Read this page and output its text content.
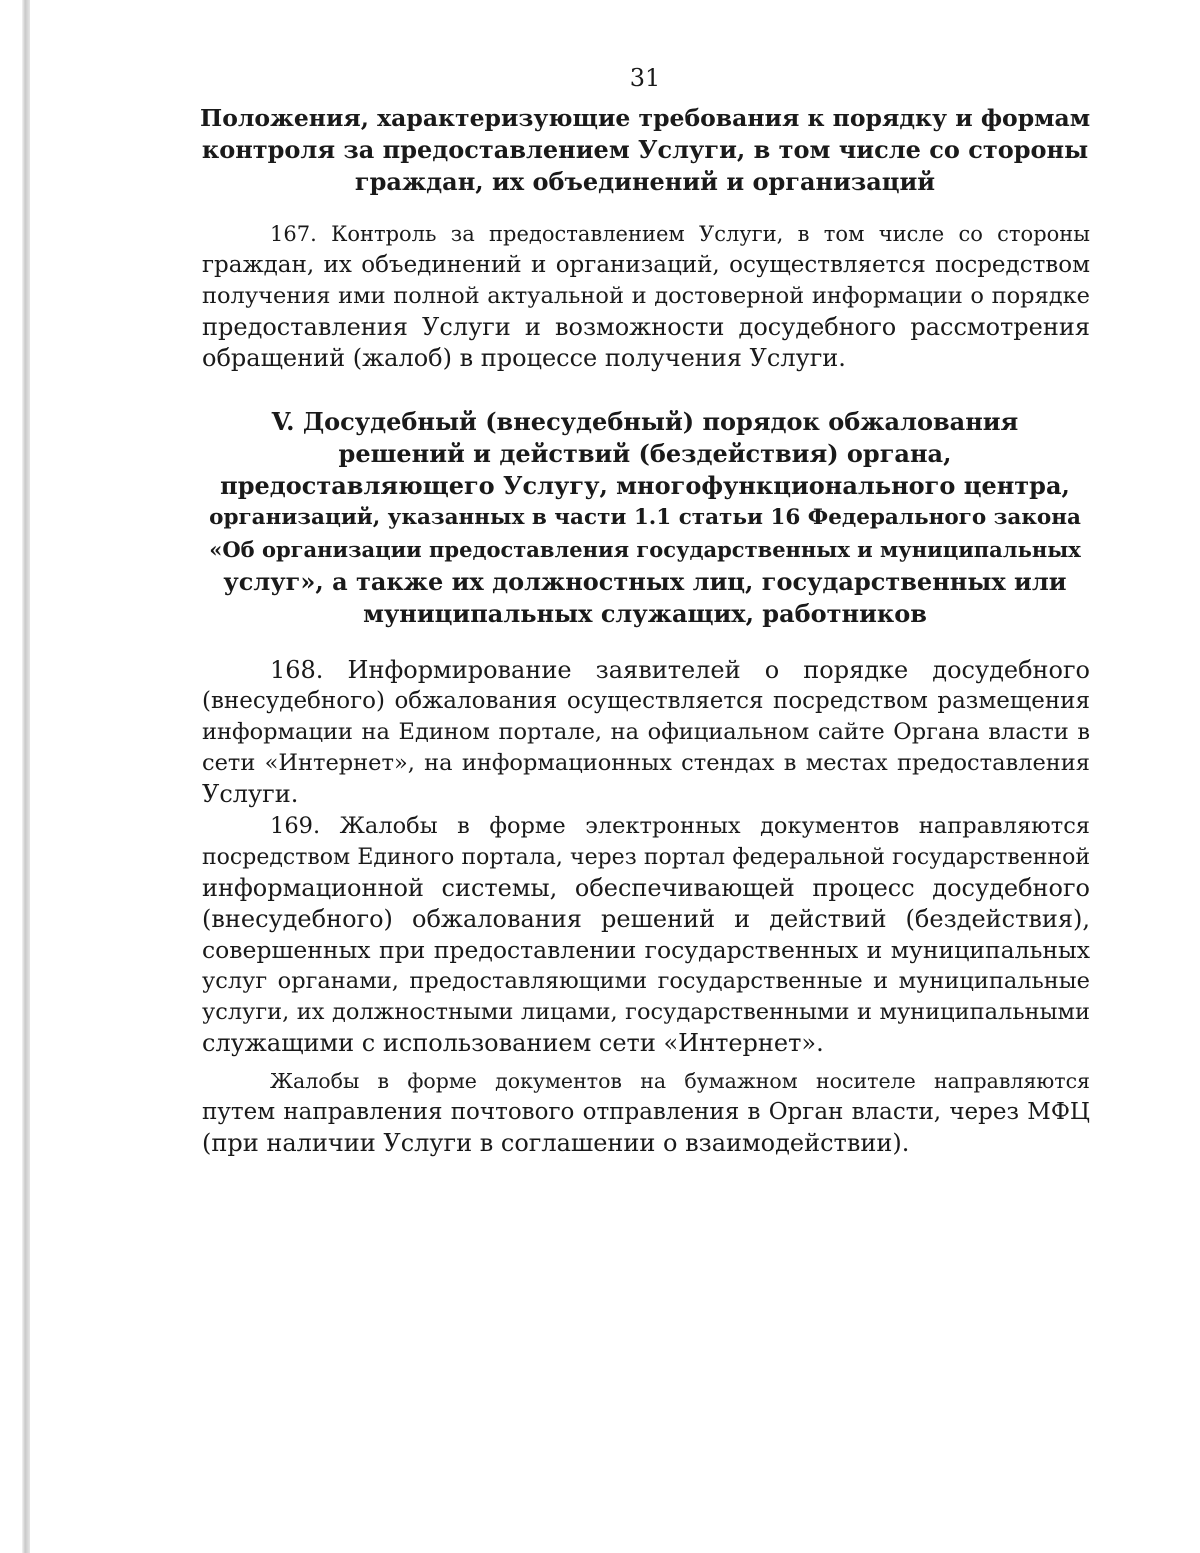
31
Положения, характеризующие требования к порядку и формам
контроля за предоставлением Услуги, в том числе со стороны
граждан, их объединений и организаций
167. Контроль за предоставлением Услуги, в том числе со стороны
граждан, их объединений и организаций, осуществляется посредством
получения ими полной актуальной и достоверной информации о порядке
предоставления Услуги и возможности досудебного рассмотрения
обращений (жалоб) в процессе получения Услуги.
V. Досудебный (внесудебный) порядок обжалования
решений и действий (бездействия) органа,
предоставляющего Услугу, многофункционального центра,
организаций, указанных в части 1.1 статьи 16 Федерального закона
«Об организации предоставления государственных и муниципальных
услуг», а также их должностных лиц, государственных или
муниципальных служащих, работников
168. Информирование заявителей о порядке досудебного
(внесудебного) обжалования осуществляется посредством размещения
информации на Едином портале, на официальном сайте Органа власти в
сети «Интернет», на информационных стендах в местах предоставления
Услуги.
169. Жалобы в форме электронных документов направляются
посредством Единого портала, через портал федеральной государственной
информационной системы, обеспечивающей процесс досудебного
(внесудебного) обжалования решений и действий (бездействия),
совершенных при предоставлении государственных и муниципальных
услуг органами, предоставляющими государственные и муниципальные
услуги, их должностными лицами, государственными и муниципальными
служащими с использованием сети «Интернет».
Жалобы в форме документов на бумажном носителе направляются
путем направления почтового отправления в Орган власти, через МФЦ
(при наличии Услуги в соглашении о взаимодействии).
